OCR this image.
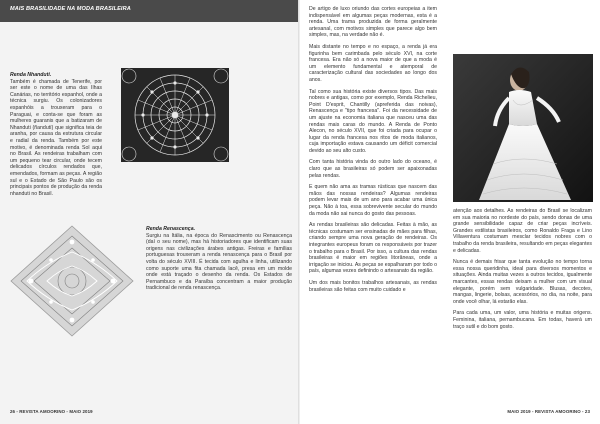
MAIS BRASILIDADE NA MODA BRASILEIRA
Renda Nhanduti.
Também é chamada de Tenerife, por ser este o nome de uma das Ilhas Canárias, no território espanhol, onde a técnica surgiu. Os colonizadores espanhóis a trouxeram para o Paraguai, e conta-se que foram as mulheres guaranis que a batizaram de Nhanduti (ñandutí) que significa teia de aranha, por causa da estrutura circular e radial da renda. Também por este motivo, é denominada renda Sol aqui no Brasil. As rendeiras trabalham com um pequeno tear circular, onde tecem delicados círculos rendados que, emendados, formam as peças. A região sul e o Estado de São Paulo são os principais pontos de produção da renda nhanduti no Brasil.
Renda Renascença.
Surgiu na Itália, na época do Renascimento ou Renascença (daí o seu nome), mas há historiadores que identificam suas origens nas civilizações árabes antigas. Freiras e famílias portuguesas trouxeram a renda renascença para o Brasil por volta do século XVIII. É tecida com agulha e linha, utilizando como suporte uma fita chamada lacê, presa em um molde onde está traçado o desenho da renda. Os Estados de Pernambuco e da Paraíba concentram a maior produção tradicional de renda renascença.
26 - REVISTA AMOORINO - MAIO 2019

De artigo de luxo oriundo das cortes europeias a item indispensável em algumas peças modernas, esta é a renda. Uma trama produzida de forma geralmente artesanal, com motivos simples que parece algo bem simples, mas, na verdade não é.

Mais distante no tempo e no espaço, a renda já era figurinha bem carimbada pelo século XVI, na corte francesa. Era não só a nova maior de que a moda é um elemento fundamental e atemporal de caracterização cultural das sociedades ao longo dos anos.

Tal como sua história existe diversos tipos. Das mais nobres e antigas, como por exemplo, Renda Richelieu, Point D'esprit, Chantilly (apreferida das noivas), Renascença e "tipo francesa". Foi da necessidade de um ajuste na economia italiana que nasceu uma das rendas mais caras do mundo. A Renda de Ponto Alecon, no século XVII, que foi criada para ocupar o lugar da renda francesa nos ritos de moda italianos, cuja importação estava causando um déficit comercial devido ao seu alto custo.

Com tanta história vinda do outro lado do oceano, é claro que as brasileiras só podem ser apaixonadas pelas rendas.

E quem não ama as tramas rústicas que nascem das mãos das nossas rendeiras? Algumas rendeiras podem levar mais de um ano para acabar uma única peça. Não à toa, essa sobrevivente secular do mundo da moda não sai nunca do gosto das pessoas.

As rendas brasileiras são delicadas. Feitas à mão, as técnicas costumam ser ensinadas de mães para filhas, criando sempre uma nova geração de rendeiras. Os integrantes europeus foram os responsáveis por trazer o trabalho para o Brasil. Por isso, a cultura das rendas brasileiras é maior em regiões litorâneas, onde a irrigação se iniciou. As peças se espalharam por todo o país, algumas vezes definindo o artesanato da região.

Um dos mais bonitos trabalhos artesanais, as rendas brasileiras são feitas com muito cuidado e

atenção aos detalhes. As rendeiras do Brasil se localizam em sua maioria no nordeste do país, sendo donas de uma grande sensibilidade capaz de criar peças incríveis. Grandes estilistas brasileiros, como Ronaldo Fraga e Lino Villaventura costumam mesclar tecidos nobres com o trabalho da renda brasileira, resultando em peças elegantes e delicadas.

Nunca é demais frisar que tanta evolução no tempo torna essa nossa queridinha, ideal para diversos momentos e situações. Ainda muitas vezes a outros tecidos, igualmente marcantes, essas rendas deixam a mulher com um visual elegante, porém sem vulgaridade. Blusas, decotes, mangas, lingerie, bolsas, acessórios, no dia, na noite, para onde você olhar, lá estarão elas.

Para cada uma, um valor, uma história e muitas origens. Feminina, italiana, pernambucana. Em todas, haverá um traço sutil e do bom gosto.

MAIO 2019 - REVISTA AMOORINO - 23
